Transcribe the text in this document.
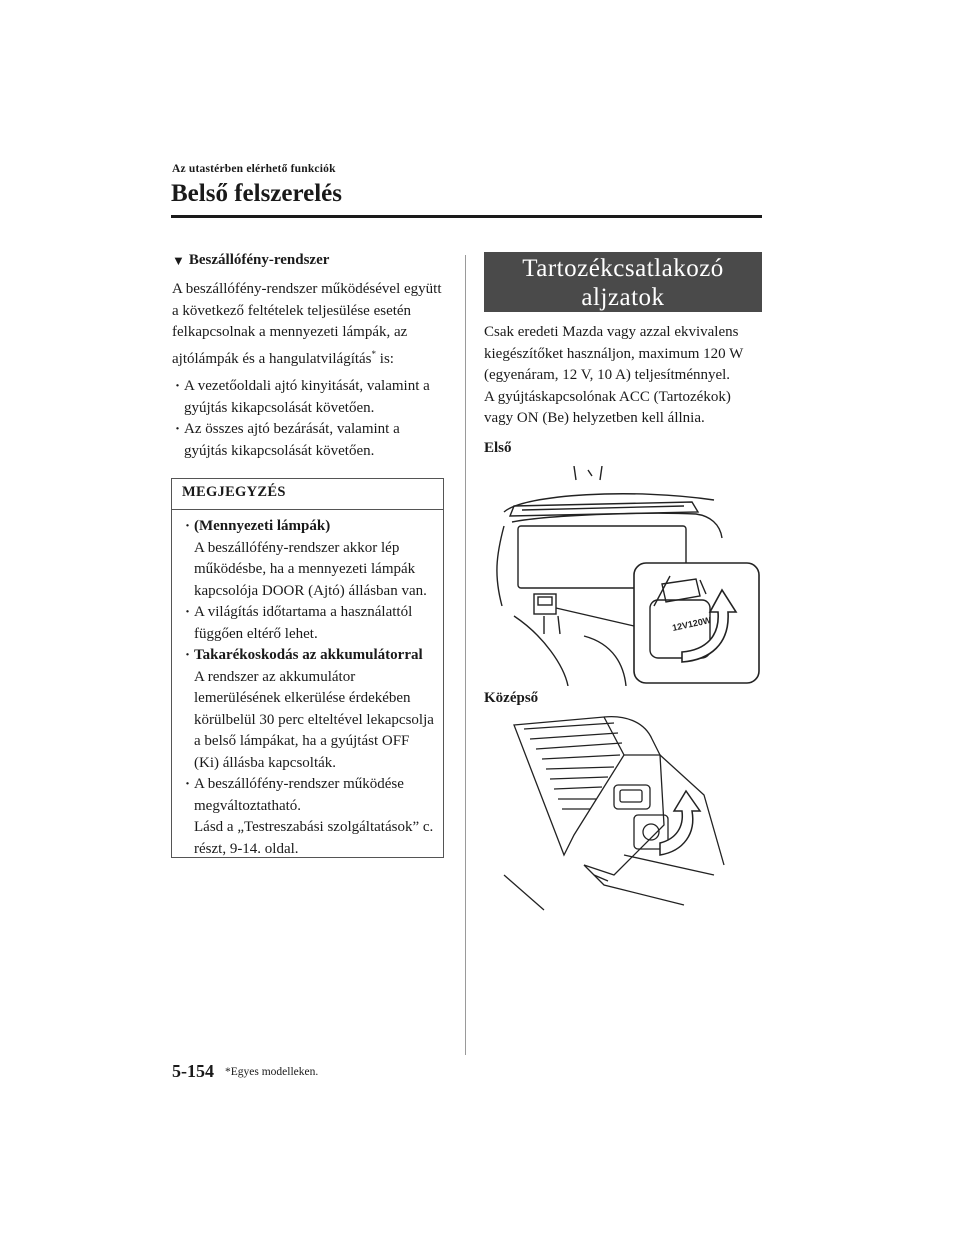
Az utastérben elérhető funkciók
Belső felszerelés
▼ Beszállófény-rendszer

A beszállófény-rendszer működésével együtt a következő feltételek teljesülése esetén felkapcsolnak a mennyezeti lámpák, az ajtólámpák és a hangulatvilágítás* is:

· A vezetőoldali ajtó kinyitását, valamint a gyújtás kikapcsolását követően.
· Az összes ajtó bezárását, valamint a gyújtás kikapcsolását követően.
MEGJEGYZÉS
· (Mennyezeti lámpák)
A beszállófény-rendszer akkor lép működésbe, ha a mennyezeti lámpák kapcsolója DOOR (Ajtó) állásban van.
· A világítás időtartama a használattól függően eltérő lehet.
· Takarékoskodás az akkumulátorral
A rendszer az akkumulátor lemerülésének elkerülése érdekében körülbelül 30 perc elteltével lekapcsolja a belső lámpákat, ha a gyújtást OFF (Ki) állásba kapcsolták.
· A beszállófény-rendszer működése megváltoztatható.
Lásd a „Testreszabási szolgáltatások” c. részt, 9-14. oldal.
Tartozékcsatlakozó
aljzatok

Csak eredeti Mazda vagy azzal ekvivalens kiegészítőket használjon, maximum 120 W (egyenáram, 12 V, 10 A) teljesítménnyel.

A gyújtáskapcsolónak ACC (Tartozékok) vagy ON (Be) helyzetben kell állnia.

Első

12V120W

Középső

5-154 *Egyes modelleken.
